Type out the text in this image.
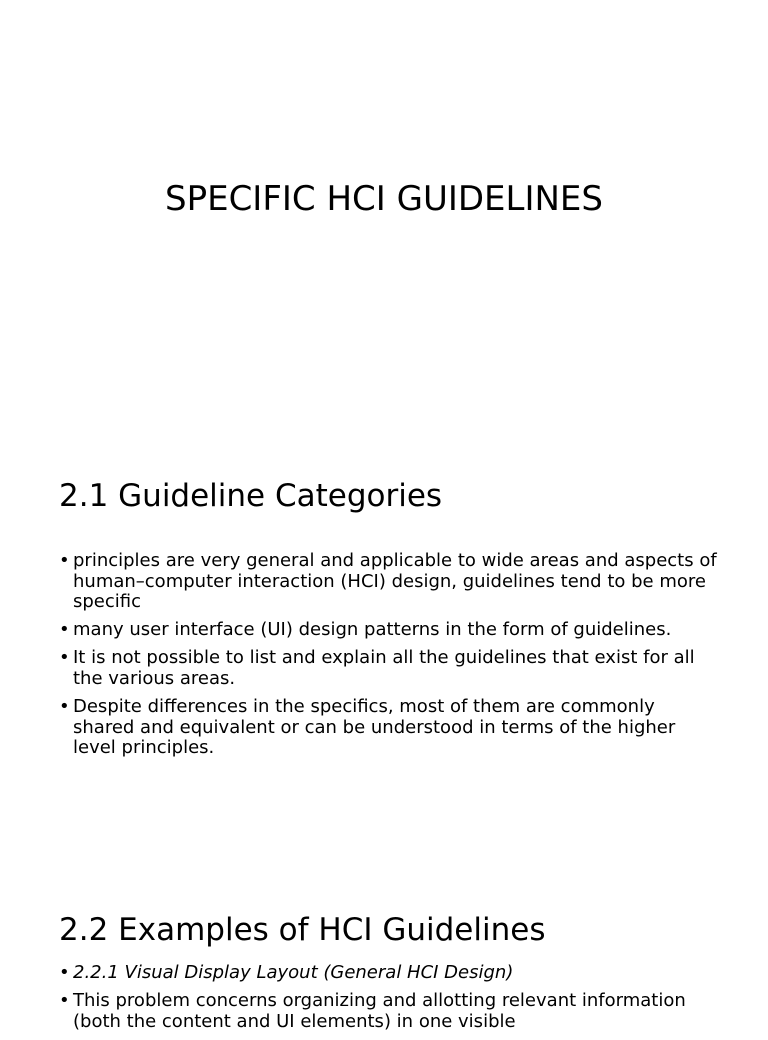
SPECIFIC HCI GUIDELINES
2.1 Guideline Categories
• principles are very general and applicable to wide areas and aspects of human–computer interaction (HCI) design, guidelines tend to be more specific
• many user interface (UI) design patterns in the form of guidelines.
• It is not possible to list and explain all the guidelines that exist for all the various areas.
• Despite differences in the specifics, most of them are commonly shared and equivalent or can be understood in terms of the higher level principles.
2.2 Examples of HCI Guidelines
• 2.2.1 Visual Display Layout (General HCI Design)
• This problem concerns organizing and allotting relevant information (both the content and UI elements) in one visible
